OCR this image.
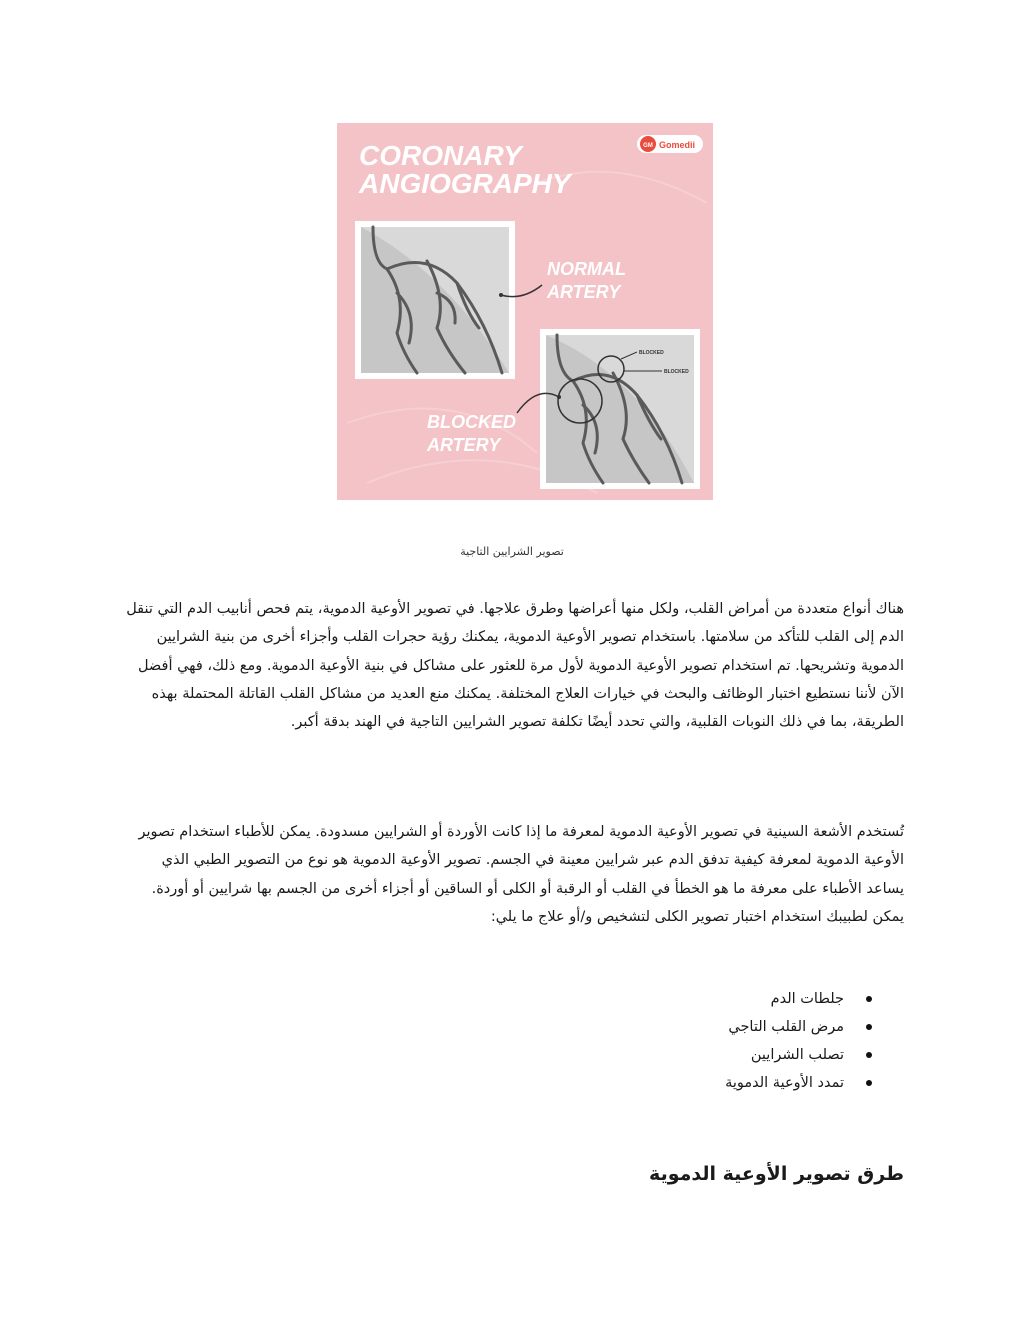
CORONARY
ANGIOGRAPHY
GM Gomedii
NORMAL
ARTERY
BLOCKED
BLOCKED
BLOCKED
ARTERY
تصوير الشرايين التاجية

هناك أنواع متعددة من أمراض القلب، ولكل منها أعراضها وطرق علاجها. في تصوير الأوعية الدموية، يتم فحص أنابيب الدم التي تنقل الدم إلى القلب للتأكد من سلامتها. باستخدام تصوير الأوعية الدموية، يمكنك رؤية حجرات القلب وأجزاء أخرى من بنية الشرايين الدموية وتشريحها. تم استخدام تصوير الأوعية الدموية لأول مرة للعثور على مشاكل في بنية الأوعية الدموية. ومع ذلك، فهي أفضل الآن لأننا نستطيع اختبار الوظائف والبحث في خيارات العلاج المختلفة. يمكنك منع العديد من مشاكل القلب القاتلة المحتملة بهذه الطريقة، بما في ذلك النوبات القلبية، والتي تحدد أيضًا تكلفة تصوير الشرايين التاجية في الهند بدقة أكبر.

تُستخدم الأشعة السينية في تصوير الأوعية الدموية لمعرفة ما إذا كانت الأوردة أو الشرايين مسدودة. يمكن للأطباء استخدام تصوير الأوعية الدموية لمعرفة كيفية تدفق الدم عبر شرايين معينة في الجسم. تصوير الأوعية الدموية هو نوع من التصوير الطبي الذي يساعد الأطباء على معرفة ما هو الخطأ في القلب أو الرقبة أو الكلى أو الساقين أو أجزاء أخرى من الجسم بها شرايين أو أوردة. يمكن لطبيبك استخدام اختبار تصوير الكلى لتشخيص و/أو علاج ما يلي:

جلطات الدم
مرض القلب التاجي
تصلب الشرايين
تمدد الأوعية الدموية
طرق تصوير الأوعية الدموية
